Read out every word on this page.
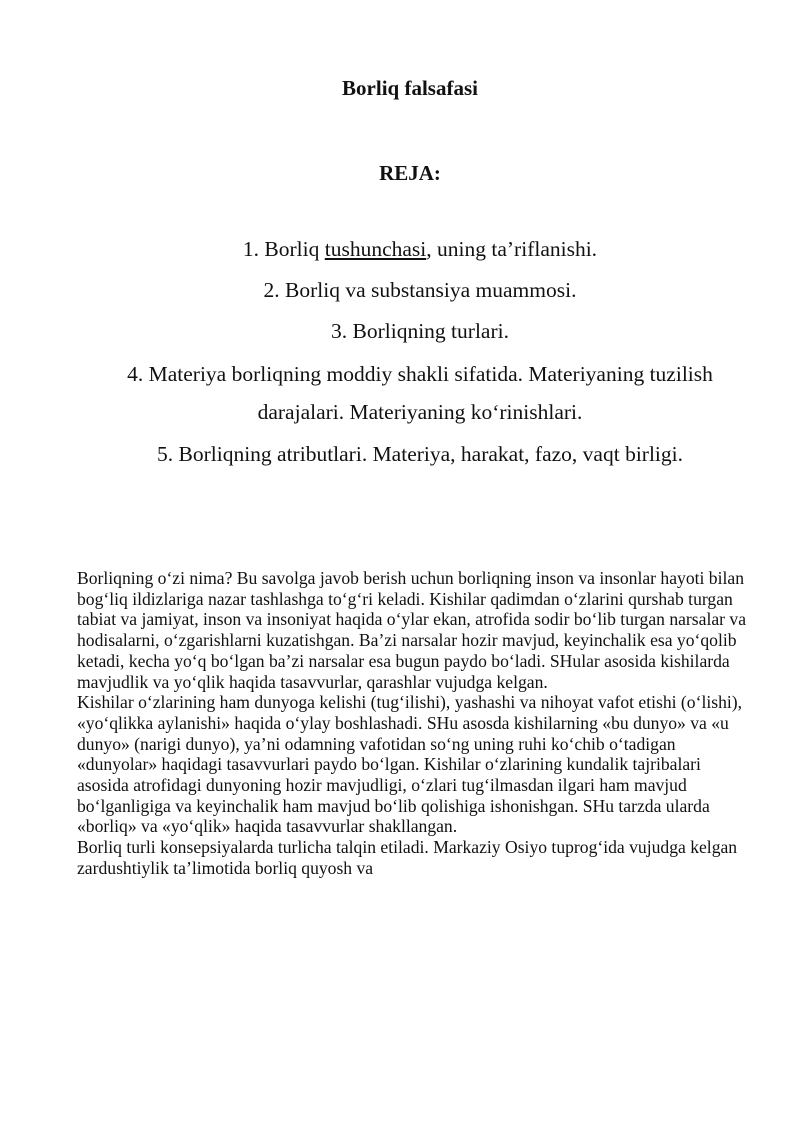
Borliq falsafasi
REJA:
1. Borliq tushunchasi, uning ta’riflanishi.
2. Borliq va substansiya muammosi.
3. Borliqning turlari.
4. Materiya borliqning moddiy shakli sifatida. Materiyaning tuzilish darajalari. Materiyaning koʻrinishlari.
5. Borliqning atributlari. Materiya, harakat, fazo, vaqt birligi.

Borliqning oʻzi nima? Bu savolga javob berish uchun borliqning inson va insonlar hayoti bilan bogʻliq ildizlariga nazar tashlashga toʻgʻri keladi. Kishilar qadimdan oʻzlarini qurshab turgan tabiat va jamiyat, inson va insoniyat haqida oʻylar ekan, atrofida sodir boʻlib turgan narsalar va hodisalarni, oʻzgarishlarni kuzatishgan. Ba’zi narsalar hozir mavjud, keyinchalik esa yoʻqolib ketadi, kecha yoʻq boʻlgan ba’zi narsalar esa bugun paydo boʻladi. SHular asosida kishilarda mavjudlik va yoʻqlik haqida tasavvurlar, qarashlar vujudga kelgan.

Kishilar oʻzlarining ham dunyoga kelishi (tugʻilishi), yashashi va nihoyat vafot etishi (oʻlishi), «yoʻqlikka aylanishi» haqida oʻylay boshlashadi. SHu asosda kishilarning «bu dunyo» va «u dunyo» (narigi dunyo), ya’ni odamning vafotidan soʻng uning ruhi koʻchib oʻtadigan «dunyolar» haqidagi tasavvurlari paydo boʻlgan. Kishilar oʻzlarining kundalik tajribalari asosida atrofidagi dunyoning hozir mavjudligi, oʻzlari tugʻilmasdan ilgari ham mavjud boʻlganligiga va keyinchalik ham mavjud boʻlib qolishiga ishonishgan. SHu tarzda ularda «borliq» va «yoʻqlik» haqida tasavvurlar shakllangan.

Borliq turli konsepsiyalarda turlicha talqin etiladi. Markaziy Osiyo tuprogʻida vujudga kelgan zardushtiylik ta’limotida borliq quyosh va
